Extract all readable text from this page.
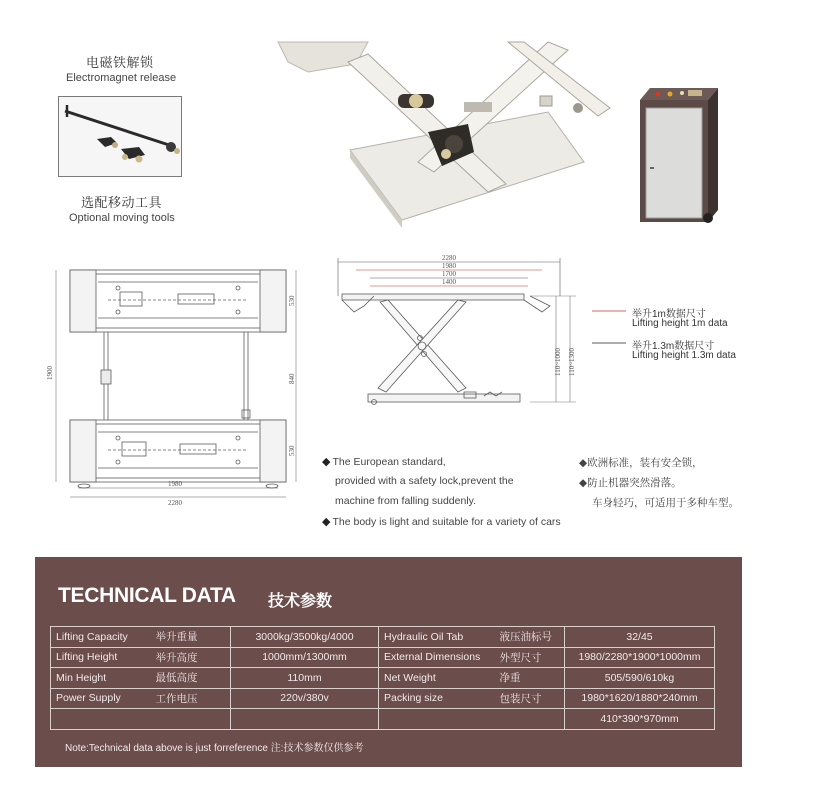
电磁铁解锁
Electromagnet release
选配移动工具
Optional moving tools
1900
530
840
530
1980
2280
2280
1980
1700
1400
110~1000 110~1300
举升1m数据尺寸
Lifting height 1m data
举升1.3m数据尺寸
Lifting height 1.3m data
◆ The European standard,
provided with a safety lock,prevent the
machine from falling suddenly.
◆ The body is light and suitable for a variety of cars
◆欧洲标准，装有安全锁，
◆防止机器突然滑落。
车身轻巧，可适用于多种车型。
TECHNICAL DATA 技术参数
Lifting Capacity	举升重量	3000kg/3500kg/4000	Hydraulic Oil Tab	液压油标号	32/45
Lifting Height	举升高度	1000mm/1300mm	External Dimensions	外型尺寸	1980/2280*1900*1000mm
Min Height	最低高度	110mm	Net Weight	净重	505/590/610kg
Power Supply	工作电压	220v/380v	Packing size	包装尺寸	1980*1620/1880*240mm
					410*390*970mm
Note:Technical data above is just forreference 注:技术参数仅供参考
